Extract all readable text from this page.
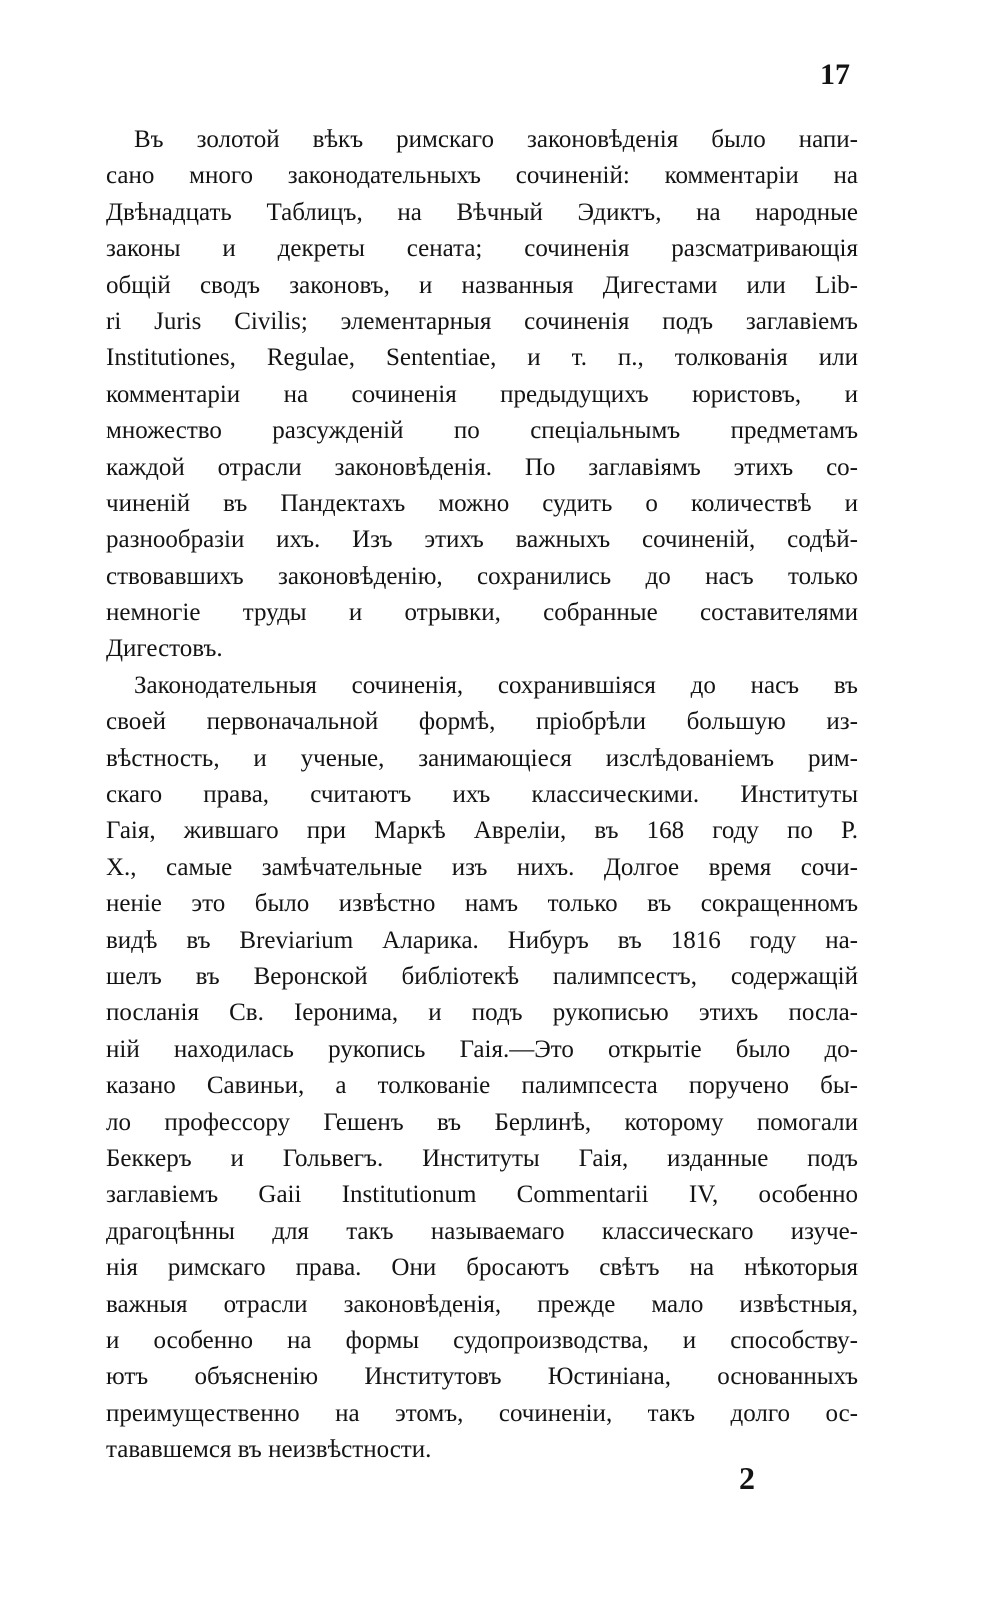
17
Въ золотой вѣкъ римскаго законовѣденія было напи-
сано много законодательныхъ сочиненій: комментаріи на
Двѣнадцать Таблицъ, на Вѣчный Эдиктъ, на народные
законы и декреты сената; сочиненія разсматривающія
общій сводъ законовъ, и названныя Дигестами или Lib-
ri Juris Civilis; элементарныя сочиненія подъ заглавіемъ
Institutiones, Regulae, Sententiae, и т. п., толкованія или
комментаріи на сочиненія предыдущихъ юристовъ, и
множество разсужденій по спеціальнымъ предметамъ
каждой отрасли законовѣденія. По заглавіямъ этихъ со-
чиненій въ Пандектахъ можно судить о количествѣ и
разнообразіи ихъ. Изъ этихъ важныхъ сочиненій, содѣй-
ствовавшихъ законовѣденію, сохранились до насъ только
немногіе труды и отрывки, собранные составителями
Дигестовъ.
Законодательныя сочиненія, сохранившіяся до насъ въ
своей первоначальной формѣ, пріобрѣли большую из-
вѣстность, и ученые, занимающіеся изслѣдованіемъ рим-
скаго права, считаютъ ихъ классическими. Институты
Гаія, жившаго при Маркѣ Авреліи, въ 168 году по Р.
Х., самые замѣчательные изъ нихъ. Долгое время сочи-
неніе это было извѣстно намъ только въ сокращенномъ
видѣ въ Breviarium Аларика. Нибуръ въ 1816 году на-
шелъ въ Веронской библіотекѣ палимпсестъ, содержащій
посланія Св. Іеронима, и подъ рукописью этихъ посла-
ній находилась рукопись Гаія.—Это открытіе было до-
казано Савиньи, а толкованіе палимпсеста поручено бы-
ло профессору Гешенъ въ Берлинѣ, которому помогали
Беккеръ и Гольвегъ. Институты Гаія, изданные подъ
заглавіемъ Gaii Institutionum Commentarii IV, особенно
драгоцѣнны для такъ называемаго классическаго изуче-
нія римскаго права. Они бросаютъ свѣтъ на нѣкоторыя
важныя отрасли законовѣденія, прежде мало извѣстныя,
и особенно на формы судопроизводства, и способству-
ютъ объясненію Институтовъ Юстиніана, основанныхъ
преимущественно на этомъ, сочиненіи, такъ долго ос-
тававшемся въ неизвѣстности.
2
